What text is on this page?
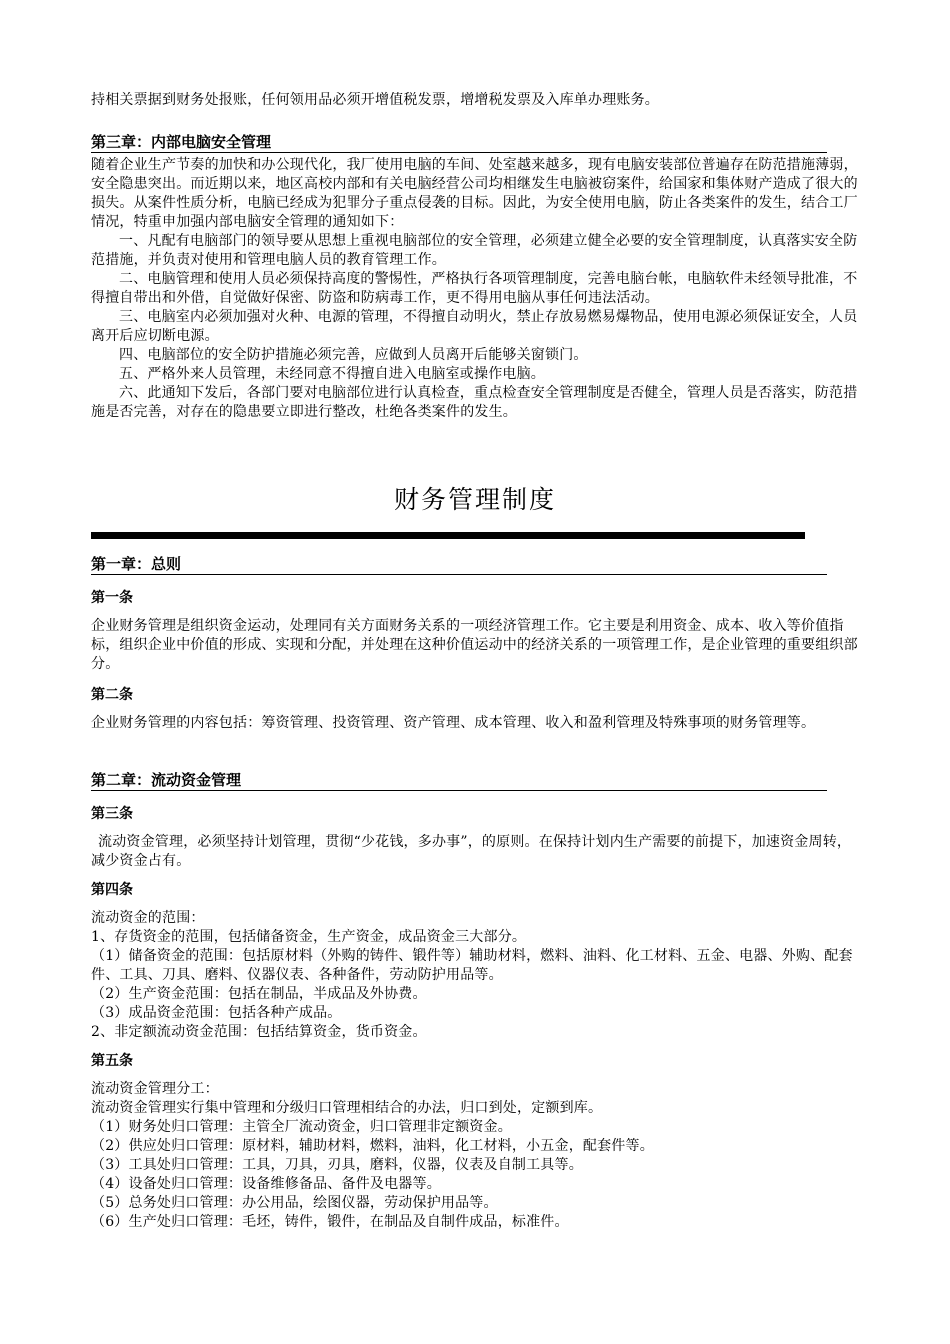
持相关票据到财务处报账，任何领用品必须开增值税发票，增增税发票及入库单办理账务。

第三章：内部电脑安全管理

随着企业生产节奏的加快和办公现代化，我厂使用电脑的车间、处室越来越多，现有电脑安装部位普遍存在防范措施薄弱，安全隐患突出。而近期以来，地区高校内部和有关电脑经营公司均相继发生电脑被窃案件，给国家和集体财产造成了很大的损失。从案件性质分析，电脑已经成为犯罪分子重点侵袭的目标。因此，为安全使用电脑，防止各类案件的发生，结合工厂情况，特重申加强内部电脑安全管理的通知如下：

一、凡配有电脑部门的领导要从思想上重视电脑部位的安全管理，必须建立健全必要的安全管理制度，认真落实安全防范措施，并负责对使用和管理电脑人员的教育管理工作。

二、电脑管理和使用人员必须保持高度的警惕性，严格执行各项管理制度，完善电脑台帐，电脑软件未经领导批准，不得擅自带出和外借，自觉做好保密、防盗和防病毒工作，更不得用电脑从事任何违法活动。

三、电脑室内必须加强对火种、电源的管理，不得擅自动明火，禁止存放易燃易爆物品，使用电源必须保证安全，人员离开后应切断电源。

四、电脑部位的安全防护措施必须完善，应做到人员离开后能够关窗锁门。

五、严格外来人员管理，未经同意不得擅自进入电脑室或操作电脑。

六、此通知下发后，各部门要对电脑部位进行认真检查，重点检查安全管理制度是否健全，管理人员是否落实，防范措施是否完善，对存在的隐患要立即进行整改，杜绝各类案件的发生。

财务管理制度

第一章：总则

第一条

企业财务管理是组织资金运动，处理同有关方面财务关系的一项经济管理工作。它主要是利用资金、成本、收入等价值指标，组织企业中价值的形成、实现和分配，并处理在这种价值运动中的经济关系的一项管理工作，是企业管理的重要组织部分。

第二条

企业财务管理的内容包括：筹资管理、投资管理、资产管理、成本管理、收入和盈利管理及特殊事项的财务管理等。

第二章：流动资金管理

第三条

流动资金管理，必须坚持计划管理，贯彻“少花钱，多办事”，的原则。在保持计划内生产需要的前提下，加速资金周转，减少资金占有。

第四条

流动资金的范围：

1、存货资金的范围，包括储备资金，生产资金，成品资金三大部分。

（1）储备资金的范围：包括原材料（外购的铸件、锻件等）辅助材料，燃料、油料、化工材料、五金、电器、外购、配套件、工具、刀具、磨料、仪器仪表、各种备件，劳动防护用品等。

（2）生产资金范围：包括在制品，半成品及外协费。

（3）成品资金范围：包括各种产成品。

2、非定额流动资金范围：包括结算资金，货币资金。

第五条

流动资金管理分工：

流动资金管理实行集中管理和分级归口管理相结合的办法，归口到处，定额到库。

（1）财务处归口管理：主管全厂流动资金，归口管理非定额资金。

（2）供应处归口管理：原材料，辅助材料，燃料，油料，化工材料，小五金，配套件等。

（3）工具处归口管理：工具，刀具，刃具，磨料，仪器，仪表及自制工具等。

（4）设备处归口管理：设备维修备品、备件及电器等。

（5）总务处归口管理：办公用品，绘图仪器，劳动保护用品等。

（6）生产处归口管理：毛坯，铸件，锻件，在制品及自制件成品，标准件。
